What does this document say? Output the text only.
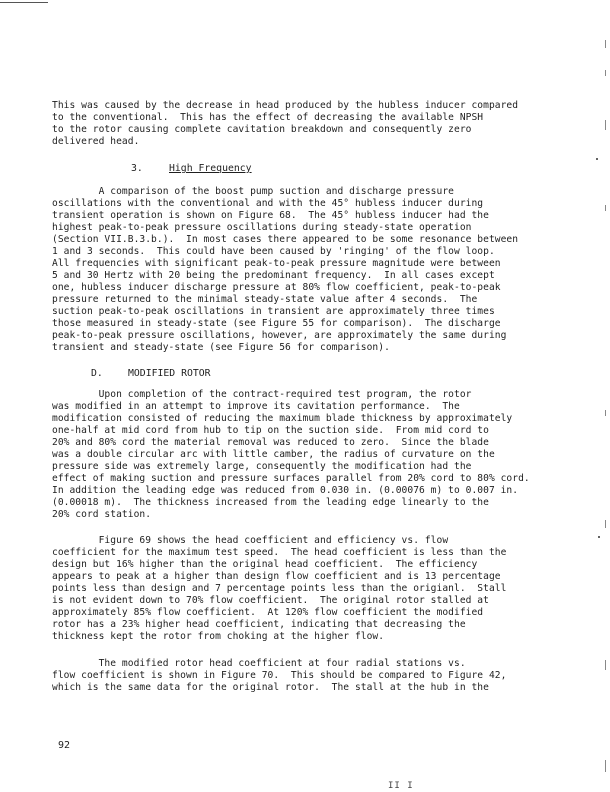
This was caused by the decrease in head produced by the hubless inducer compared
to the conventional.  This has the effect of decreasing the available NPSH
to the rotor causing complete cavitation breakdown and consequently zero
delivered head.
3.	High Frequency
A comparison of the boost pump suction and discharge pressure
oscillations with the conventional and with the 45° hubless inducer during
transient operation is shown on Figure 68.  The 45° hubless inducer had the
highest peak-to-peak pressure oscillations during steady-state operation
(Section VII.B.3.b.).  In most cases there appeared to be some resonance between
1 and 3 seconds.  This could have been caused by 'ringing' of the flow loop.
All frequencies with significant peak-to-peak pressure magnitude were between
5 and 30 Hertz with 20 being the predominant frequency.  In all cases except
one, hubless inducer discharge pressure at 80% flow coefficient, peak-to-peak
pressure returned to the minimal steady-state value after 4 seconds.  The
suction peak-to-peak oscillations in transient are approximately three times
those measured in steady-state (see Figure 55 for comparison).  The discharge
peak-to-peak pressure oscillations, however, are approximately the same during
transient and steady-state (see Figure 56 for comparison).
D.	MODIFIED ROTOR
Upon completion of the contract-required test program, the rotor
was modified in an attempt to improve its cavitation performance.  The
modification consisted of reducing the maximum blade thickness by approximately
one-half at mid cord from hub to tip on the suction side.  From mid cord to
20% and 80% cord the material removal was reduced to zero.  Since the blade
was a double circular arc with little camber, the radius of curvature on the
pressure side was extremely large, consequently the modification had the
effect of making suction and pressure surfaces parallel from 20% cord to 80% cord.
In addition the leading edge was reduced from 0.030 in. (0.00076 m) to 0.007 in.
(0.00018 m).  The thickness increased from the leading edge linearly to the
20% cord station.
Figure 69 shows the head coefficient and efficiency vs. flow
coefficient for the maximum test speed.  The head coefficient is less than the
design but 16% higher than the original head coefficient.  The efficiency
appears to peak at a higher than design flow coefficient and is 13 percentage
points less than design and 7 percentage points less than the origianl.  Stall
is not evident down to 70% flow coefficient.  The original rotor stalled at
approximately 85% flow coefficient.  At 120% flow coefficient the modified
rotor has a 23% higher head coefficient, indicating that decreasing the
thickness kept the rotor from choking at the higher flow.
The modified rotor head coefficient at four radial stations vs.
flow coefficient is shown in Figure 70.  This should be compared to Figure 42,
which is the same data for the original rotor.  The stall at the hub in the
92
II I
